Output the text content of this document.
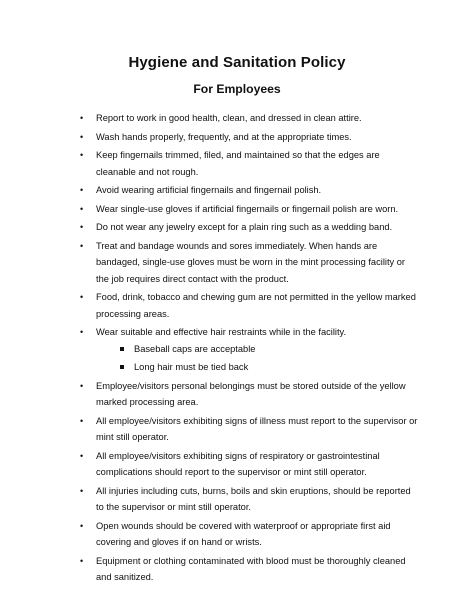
Hygiene and Sanitation Policy
For Employees
• Report to work in good health, clean, and dressed in clean attire.
• Wash hands properly, frequently, and at the appropriate times.
• Keep fingernails trimmed, filed, and maintained so that the edges are cleanable and not rough.
• Avoid wearing artificial fingernails and fingernail polish.
• Wear single-use gloves if artificial fingernails or fingernail polish are worn.
• Do not wear any jewelry except for a plain ring such as a wedding band.
• Treat and bandage wounds and sores immediately. When hands are bandaged, single-use gloves must be worn in the mint processing facility or the job requires direct contact with the product.
• Food, drink, tobacco and chewing gum are not permitted in the yellow marked processing areas.
• Wear suitable and effective hair restraints while in the facility.
Baseball caps are acceptable
Long hair must be tied back
• Employee/visitors personal belongings must be stored outside of the yellow marked processing area.
• All employee/visitors exhibiting signs of illness must report to the supervisor or mint still operator.
• All employee/visitors exhibiting signs of respiratory or gastrointestinal complications should report to the supervisor or mint still operator.
• All injuries including cuts, burns, boils and skin eruptions, should be reported to the supervisor or mint still operator.
• Open wounds should be covered with waterproof or appropriate first aid covering and gloves if on hand or wrists.
• Equipment or clothing contaminated with blood must be thoroughly cleaned and sanitized.
